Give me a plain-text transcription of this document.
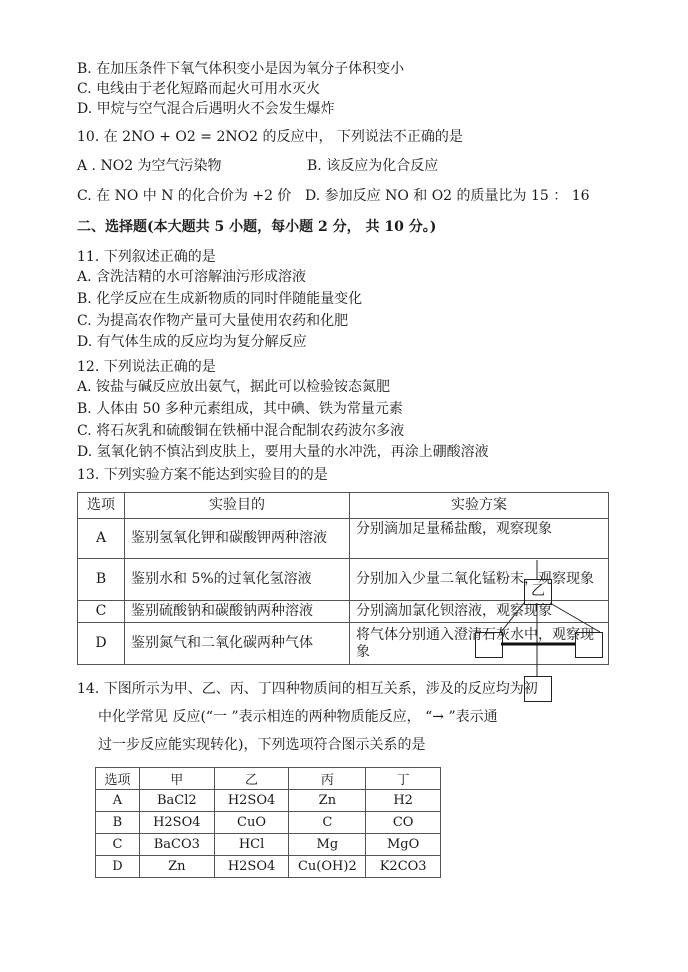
B. 在加压条件下氧气体积变小是因为氧分子体积变小
C. 电线由于老化短路而起火可用水灭火
D. 甲烷与空气混合后遇明火不会发生爆炸
10. 在 2NO + O2 = 2NO2 的反应中， 下列说法不正确的是
A . NO2 为空气污染物	B. 该反应为化合反应
C. 在 NO 中 N 的化合价为 +2 价 D. 参加反应 NO 和 O2 的质量比为 15 ： 16
二、选择题(本大题共 5 小题，每小题 2 分， 共 10 分。)
11. 下列叙述正确的是
A. 含洗洁精的水可溶解油污形成溶液
B. 化学反应在生成新物质的同时伴随能量变化
C. 为提高农作物产量可大量使用农药和化肥
D. 有气体生成的反应均为复分解反应
12. 下列说法正确的是
A. 铵盐与碱反应放出氨气，据此可以检验铵态氮肥
B. 人体由 50 多种元素组成，其中碘、铁为常量元素
C. 将石灰乳和硫酸铜在铁桶中混合配制农药波尔多液
D. 氢氧化钠不慎沾到皮肤上，要用大量的水冲洗，再涂上硼酸溶液
13. 下列实验方案不能达到实验目的的是
选项	实验目的	实验方案
A	鉴别氢氧化钾和碳酸钾两种溶液	分别滴加足量稀盐酸，观察现象
B	鉴别水和 5%的过氧化氢溶液	分别加入少量二氧化锰粉末，观察现象
C	鉴别硫酸钠和碳酸钠两种溶液	分别滴加氯化钡溶液，观察现象
D	鉴别氮气和二氧化碳两种气体	将气体分别通入澄清石灰水中，观察现象
乙
14. 下图所示为甲、乙、丙、丁四种物质间的相互关系，涉及的反应均为初
中化学常见 反应(“一 ”表示相连的两种物质能反应， “→ ”表示通
过一步反应能实现转化)，下列选项符合图示关系的是
选项	甲	乙	丙	丁
A	BaCl2	H2SO4	Zn	H2
B	H2SO4	CuO	C	CO
C	BaCO3	HCl	Mg	MgO
D	Zn	H2SO4	Cu(OH)2	K2CO3
